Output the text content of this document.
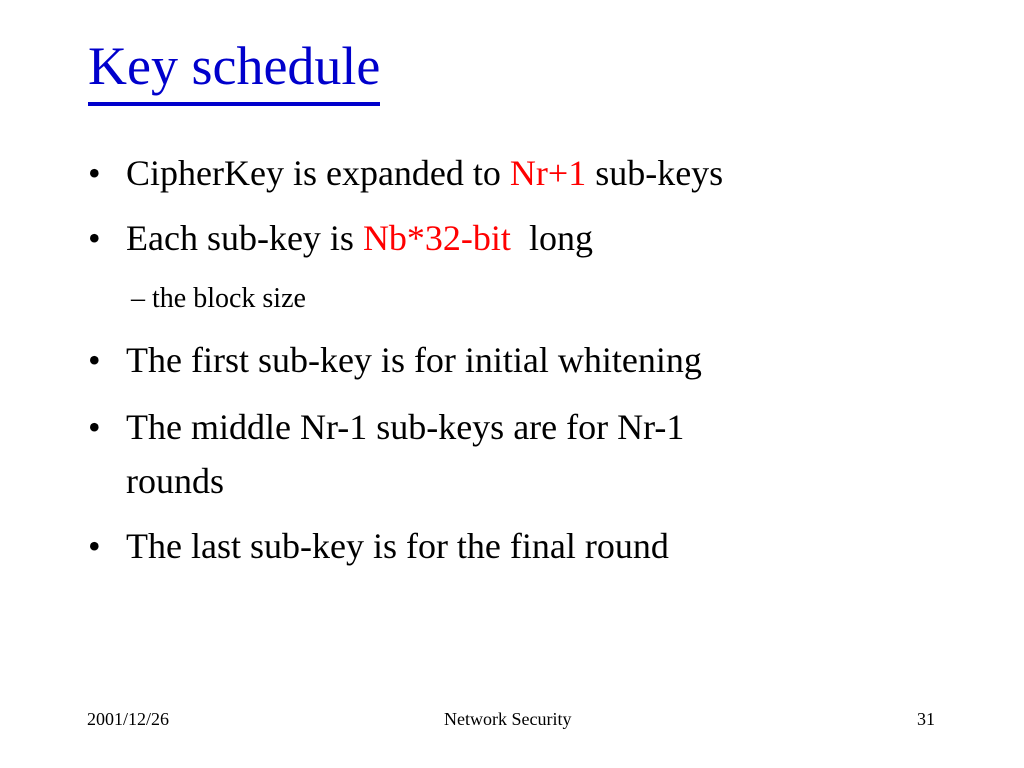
Key schedule
• CipherKey is expanded to Nr+1 sub-keys
• Each sub-key is Nb*32-bit  long
– the block size
• The first sub-key is for initial whitening
• The middle Nr-1 sub-keys are for Nr-1
rounds
• The last sub-key is for the final round
2001/12/26	Network Security	31
